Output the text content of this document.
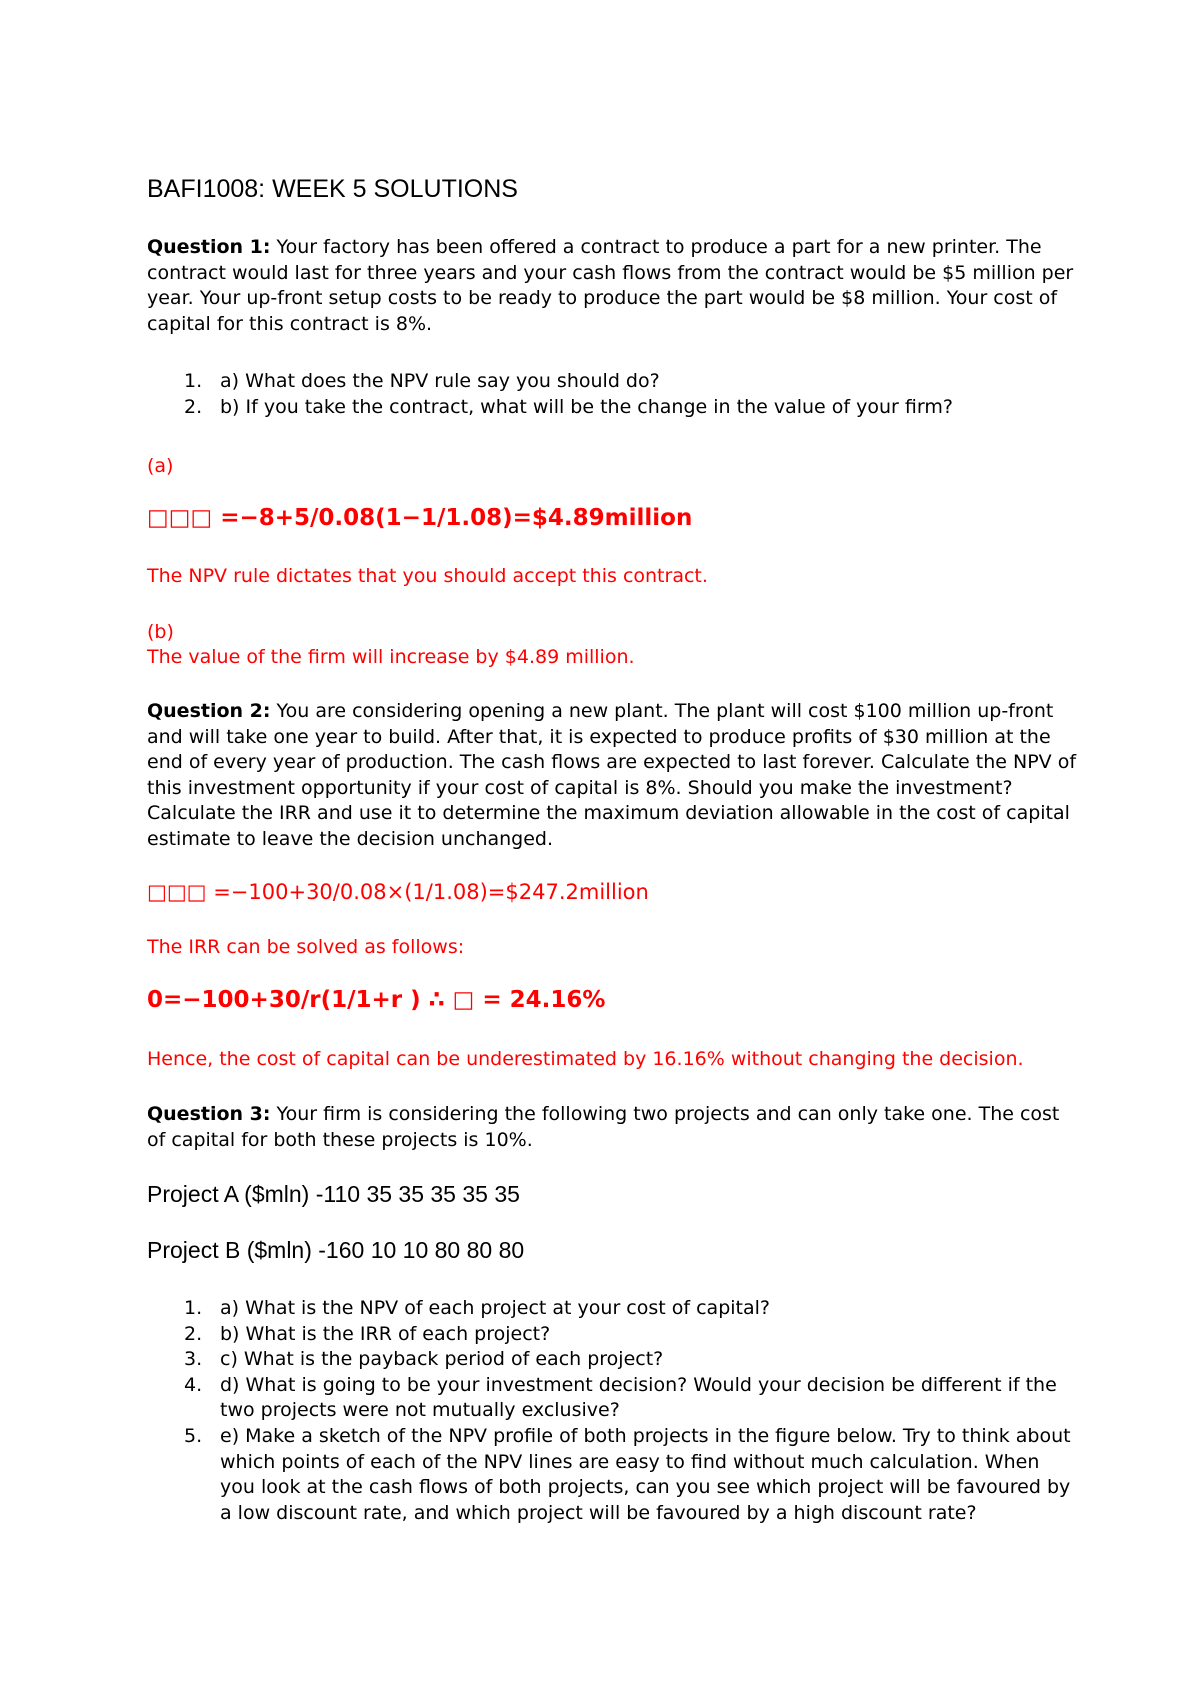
BAFI1008: WEEK 5 SOLUTIONS

Question 1: Your factory has been offered a contract to produce a part for a new printer. The contract would last for three years and your cash flows from the contract would be $5 million per year. Your up-front setup costs to be ready to produce the part would be $8 million. Your cost of capital for this contract is 8%.

1. a) What does the NPV rule say you should do?
2. b) If you take the contract, what will be the change in the value of your firm?

(a)

□□□ =−8+5/0.08(1−1/1.08)=$4.89million

The NPV rule dictates that you should accept this contract.

(b)

The value of the firm will increase by $4.89 million.

Question 2: You are considering opening a new plant. The plant will cost $100 million up-front and will take one year to build. After that, it is expected to produce profits of $30 million at the end of every year of production. The cash flows are expected to last forever. Calculate the NPV of this investment opportunity if your cost of capital is 8%. Should you make the investment? Calculate the IRR and use it to determine the maximum deviation allowable in the cost of capital estimate to leave the decision unchanged.

□□□ =−100+30/0.08×(1/1.08)=$247.2million

The IRR can be solved as follows:

0=−100+30/r(1/1+r ) ∴ □ = 24.16%

Hence, the cost of capital can be underestimated by 16.16% without changing the decision.

Question 3: Your firm is considering the following two projects and can only take one. The cost of capital for both these projects is 10%.

Project A ($mln) -110 35 35 35 35 35
Project B ($mln) -160 10 10 80 80 80
1. a) What is the NPV of each project at your cost of capital?
2. b) What is the IRR of each project?
3. c) What is the payback period of each project?
4. d) What is going to be your investment decision? Would your decision be different if the two projects were not mutually exclusive?
5. e) Make a sketch of the NPV profile of both projects in the figure below. Try to think about which points of each of the NPV lines are easy to find without much calculation. When you look at the cash flows of both projects, can you see which project will be favoured by a low discount rate, and which project will be favoured by a high discount rate?
